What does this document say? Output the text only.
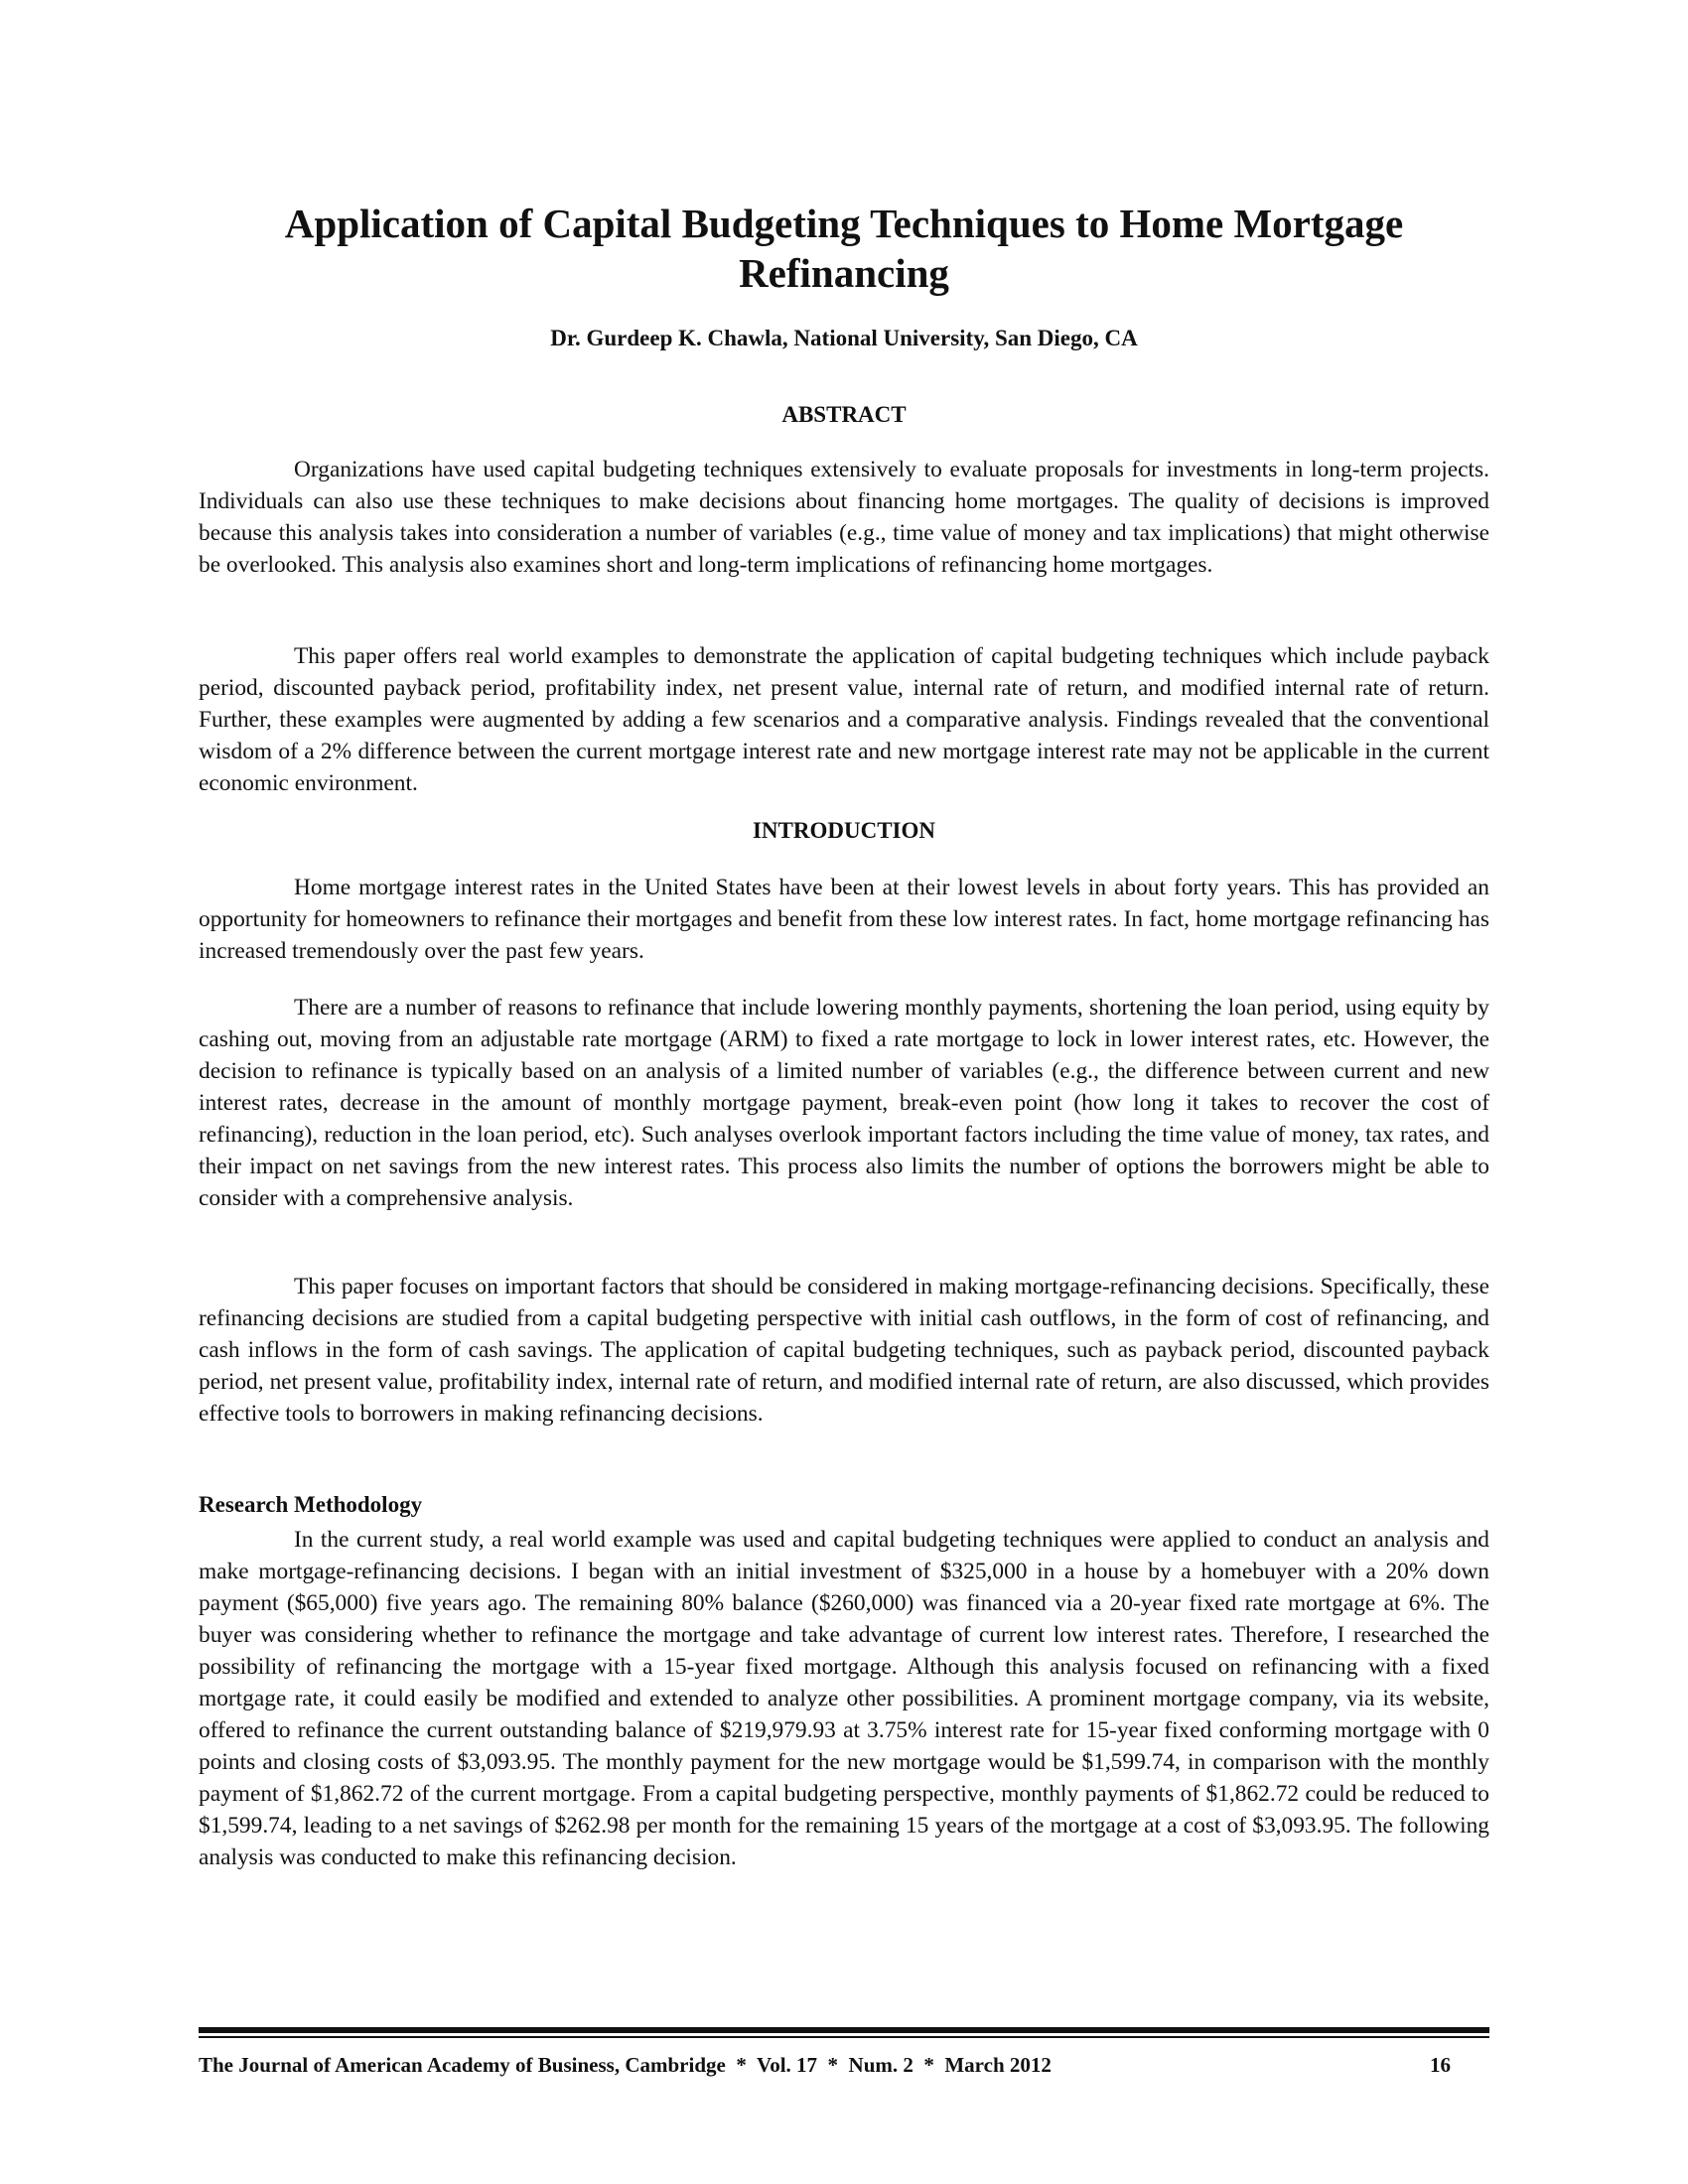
Application of Capital Budgeting Techniques to Home Mortgage Refinancing
Dr. Gurdeep K. Chawla, National University, San Diego, CA
ABSTRACT

Organizations have used capital budgeting techniques extensively to evaluate proposals for investments in long-term projects. Individuals can also use these techniques to make decisions about financing home mortgages. The quality of decisions is improved because this analysis takes into consideration a number of variables (e.g., time value of money and tax implications) that might otherwise be overlooked. This analysis also examines short and long-term implications of refinancing home mortgages.

This paper offers real world examples to demonstrate the application of capital budgeting techniques which include payback period, discounted payback period, profitability index, net present value, internal rate of return, and modified internal rate of return. Further, these examples were augmented by adding a few scenarios and a comparative analysis. Findings revealed that the conventional wisdom of a 2% difference between the current mortgage interest rate and new mortgage interest rate may not be applicable in the current economic environment.

INTRODUCTION

Home mortgage interest rates in the United States have been at their lowest levels in about forty years. This has provided an opportunity for homeowners to refinance their mortgages and benefit from these low interest rates. In fact, home mortgage refinancing has increased tremendously over the past few years.

There are a number of reasons to refinance that include lowering monthly payments, shortening the loan period, using equity by cashing out, moving from an adjustable rate mortgage (ARM) to fixed a rate mortgage to lock in lower interest rates, etc. However, the decision to refinance is typically based on an analysis of a limited number of variables (e.g., the difference between current and new interest rates, decrease in the amount of monthly mortgage payment, break-even point (how long it takes to recover the cost of refinancing), reduction in the loan period, etc). Such analyses overlook important factors including the time value of money, tax rates, and their impact on net savings from the new interest rates. This process also limits the number of options the borrowers might be able to consider with a comprehensive analysis.

This paper focuses on important factors that should be considered in making mortgage-refinancing decisions. Specifically, these refinancing decisions are studied from a capital budgeting perspective with initial cash outflows, in the form of cost of refinancing, and cash inflows in the form of cash savings. The application of capital budgeting techniques, such as payback period, discounted payback period, net present value, profitability index, internal rate of return, and modified internal rate of return, are also discussed, which provides effective tools to borrowers in making refinancing decisions.

Research Methodology

In the current study, a real world example was used and capital budgeting techniques were applied to conduct an analysis and make mortgage-refinancing decisions. I began with an initial investment of $325,000 in a house by a homebuyer with a 20% down payment ($65,000) five years ago. The remaining 80% balance ($260,000) was financed via a 20-year fixed rate mortgage at 6%. The buyer was considering whether to refinance the mortgage and take advantage of current low interest rates. Therefore, I researched the possibility of refinancing the mortgage with a 15-year fixed mortgage. Although this analysis focused on refinancing with a fixed mortgage rate, it could easily be modified and extended to analyze other possibilities. A prominent mortgage company, via its website, offered to refinance the current outstanding balance of $219,979.93 at 3.75% interest rate for 15-year fixed conforming mortgage with 0 points and closing costs of $3,093.95. The monthly payment for the new mortgage would be $1,599.74, in comparison with the monthly payment of $1,862.72 of the current mortgage. From a capital budgeting perspective, monthly payments of $1,862.72 could be reduced to $1,599.74, leading to a net savings of $262.98 per month for the remaining 15 years of the mortgage at a cost of $3,093.95. The following analysis was conducted to make this refinancing decision.

The Journal of American Academy of Business, Cambridge  *  Vol. 17  *  Num. 2  *  March 2012	16
